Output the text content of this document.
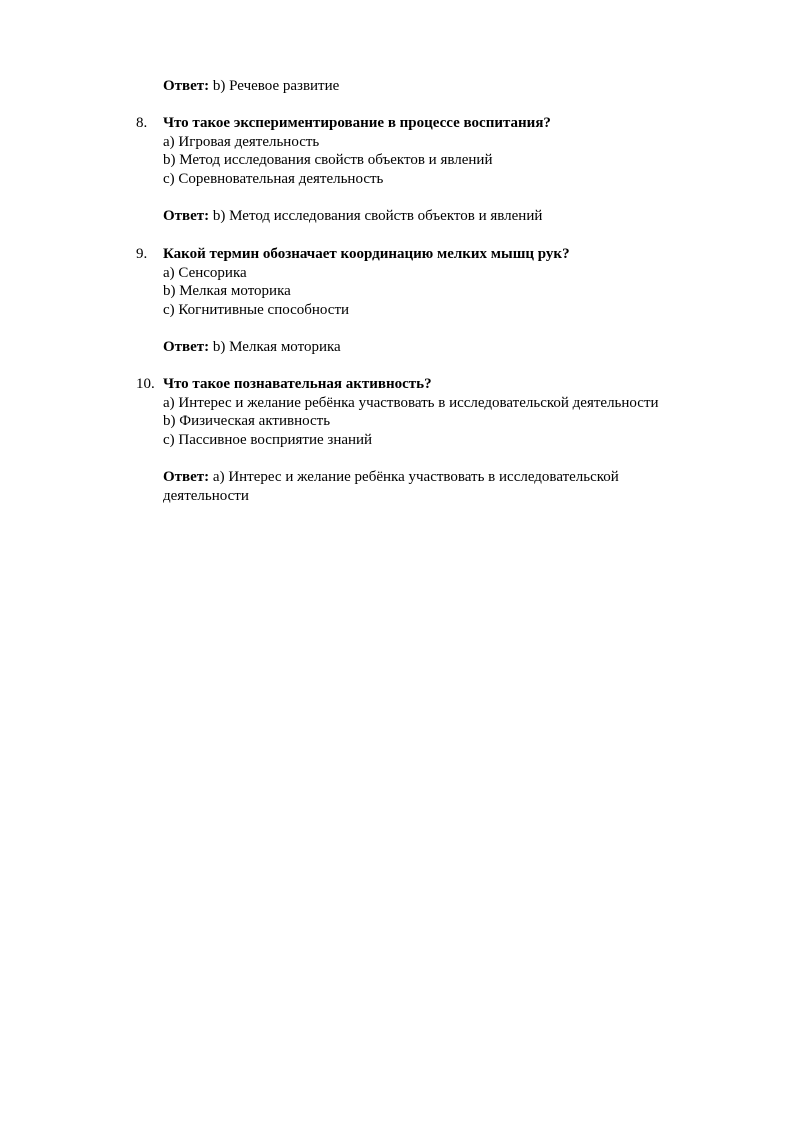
Ответ: b) Речевое развитие
8. Что такое экспериментирование в процессе воспитания?
a) Игровая деятельность
b) Метод исследования свойств объектов и явлений
c) Соревновательная деятельность
Ответ: b) Метод исследования свойств объектов и явлений
9. Какой термин обозначает координацию мелких мышц рук?
a) Сенсорика
b) Мелкая моторика
c) Когнитивные способности
Ответ: b) Мелкая моторика
10. Что такое познавательная активность?
a) Интерес и желание ребёнка участвовать в исследовательской деятельности
b) Физическая активность
c) Пассивное восприятие знаний
Ответ: a) Интерес и желание ребёнка участвовать в исследовательской деятельности
